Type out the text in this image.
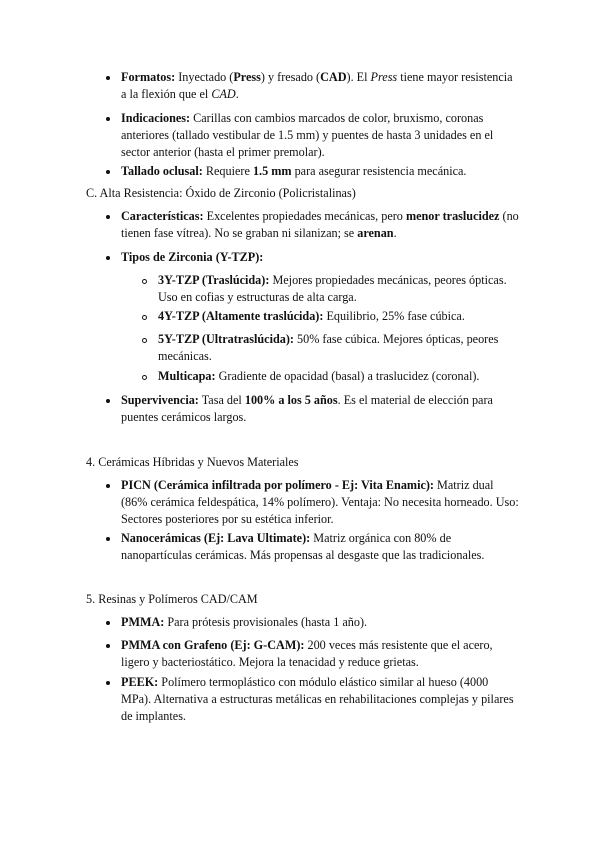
Formatos: Inyectado (Press) y fresado (CAD). El Press tiene mayor resistencia a la flexión que el CAD.
Indicaciones: Carillas con cambios marcados de color, bruxismo, coronas anteriores (tallado vestibular de 1.5 mm) y puentes de hasta 3 unidades en el sector anterior (hasta el primer premolar).
Tallado oclusal: Requiere 1.5 mm para asegurar resistencia mecánica.
C. Alta Resistencia: Óxido de Zirconio (Policristalinas)
Características: Excelentes propiedades mecánicas, pero menor traslucidez (no tienen fase vítrea). No se graban ni silanizan; se arenan.
Tipos de Zirconia (Y-TZP):
3Y-TZP (Traslúcida): Mejores propiedades mecánicas, peores ópticas. Uso en cofias y estructuras de alta carga.
4Y-TZP (Altamente traslúcida): Equilibrio, 25% fase cúbica.
5Y-TZP (Ultratraslúcida): 50% fase cúbica. Mejores ópticas, peores mecánicas.
Multicapa: Gradiente de opacidad (basal) a traslucidez (coronal).
Supervivencia: Tasa del 100% a los 5 años. Es el material de elección para puentes cerámicos largos.
4. Cerámicas Híbridas y Nuevos Materiales
PICN (Cerámica infiltrada por polímero - Ej: Vita Enamic): Matriz dual (86% cerámica feldespática, 14% polímero). Ventaja: No necesita horneado. Uso: Sectores posteriores por su estética inferior.
Nanocerámicas (Ej: Lava Ultimate): Matriz orgánica con 80% de nanopartículas cerámicas. Más propensas al desgaste que las tradicionales.
5. Resinas y Polímeros CAD/CAM
PMMA: Para prótesis provisionales (hasta 1 año).
PMMA con Grafeno (Ej: G-CAM): 200 veces más resistente que el acero, ligero y bacteriostático. Mejora la tenacidad y reduce grietas.
PEEK: Polímero termoplástico con módulo elástico similar al hueso (4000 MPa). Alternativa a estructuras metálicas en rehabilitaciones complejas y pilares de implantes.
